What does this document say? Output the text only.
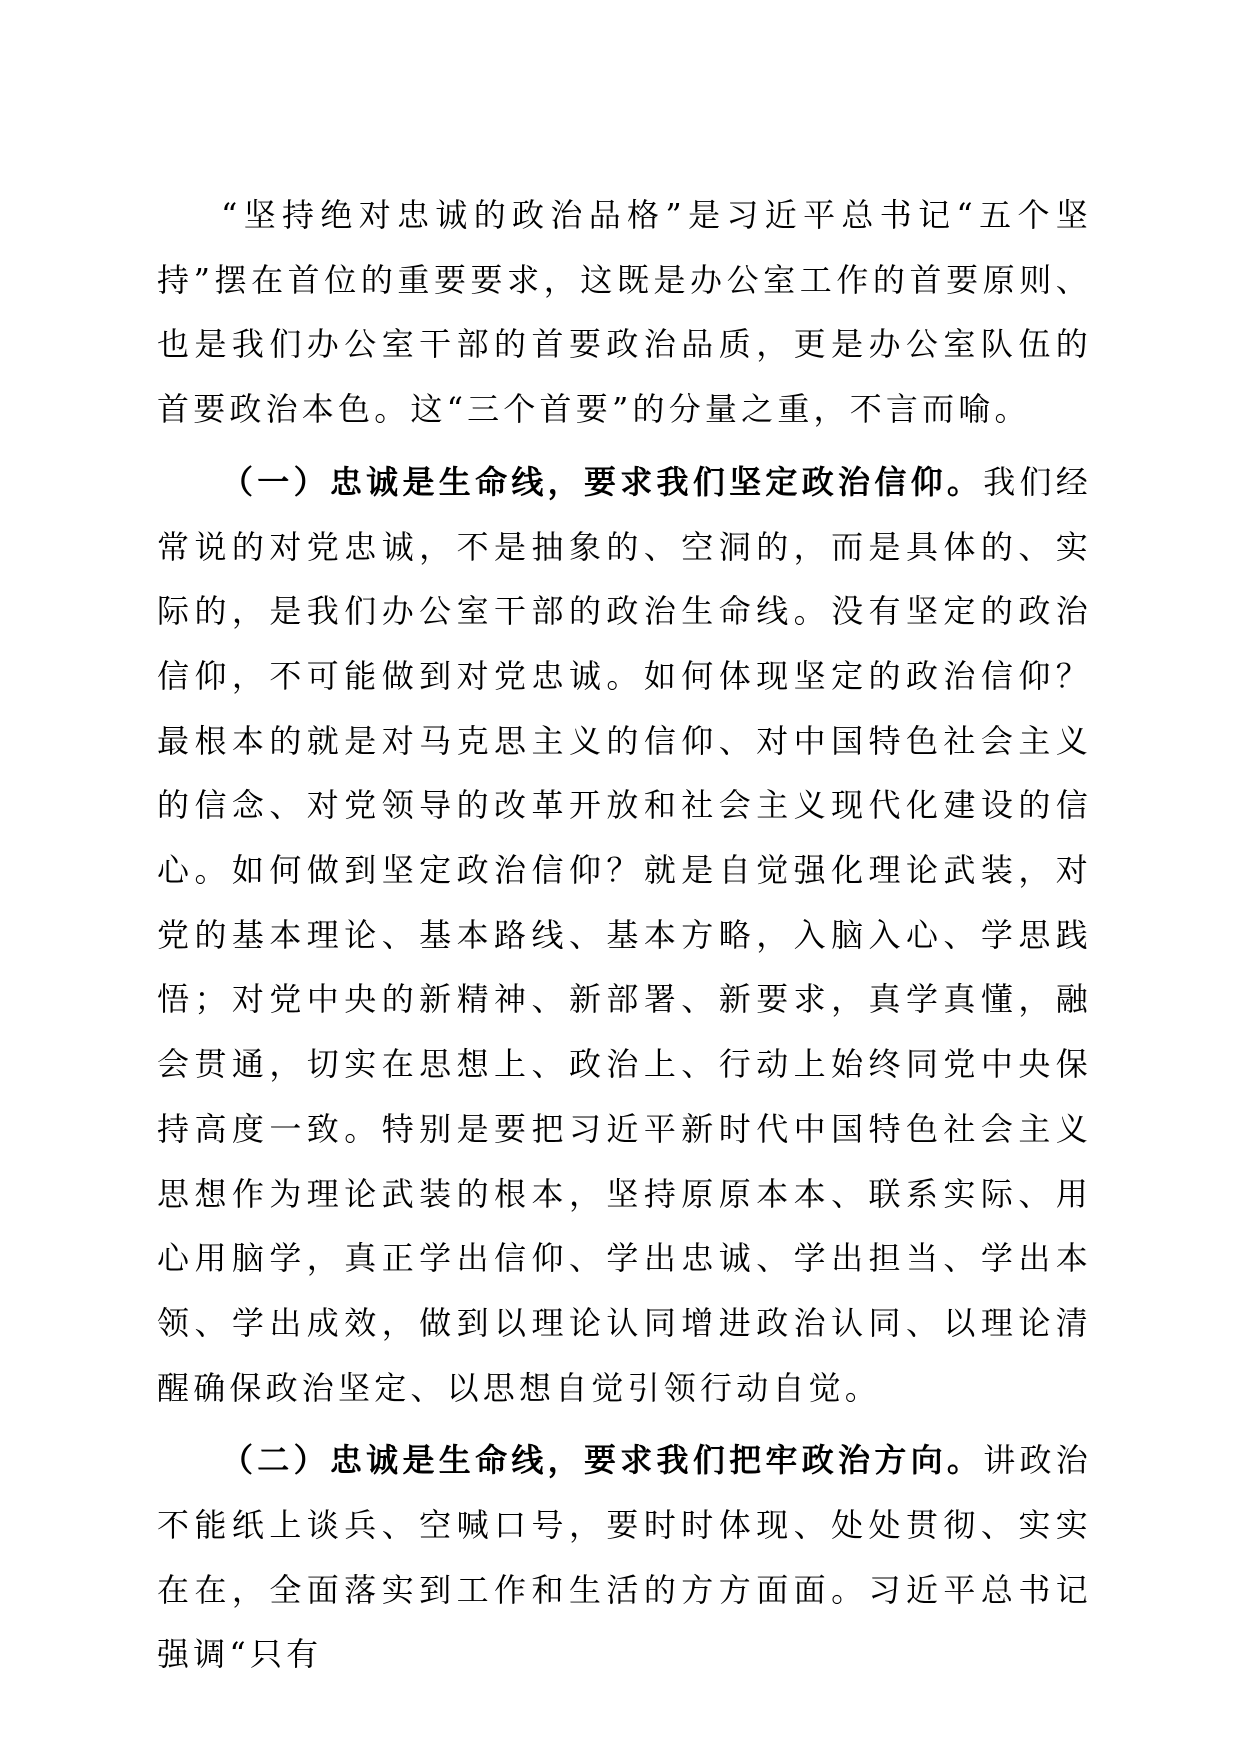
“坚持绝对忠诚的政治品格”是习近平总书记“五个坚持”摆在首位的重要要求，这既是办公室工作的首要原则、也是我们办公室干部的首要政治品质，更是办公室队伍的首要政治本色。这“三个首要”的分量之重，不言而喻。

（一）忠诚是生命线，要求我们坚定政治信仰。我们经常说的对党忠诚，不是抽象的、空洞的，而是具体的、实际的，是我们办公室干部的政治生命线。没有坚定的政治信仰，不可能做到对党忠诚。如何体现坚定的政治信仰？最根本的就是对马克思主义的信仰、对中国特色社会主义的信念、对党领导的改革开放和社会主义现代化建设的信心。如何做到坚定政治信仰？就是自觉强化理论武装，对党的基本理论、基本路线、基本方略，入脑入心、学思践悟；对党中央的新精神、新部署、新要求，真学真懂，融会贯通，切实在思想上、政治上、行动上始终同党中央保持高度一致。特别是要把习近平新时代中国特色社会主义思想作为理论武装的根本，坚持原原本本、联系实际、用心用脑学，真正学出信仰、学出忠诚、学出担当、学出本领、学出成效，做到以理论认同增进政治认同、以理论清醒确保政治坚定、以思想自觉引领行动自觉。

（二）忠诚是生命线，要求我们把牢政治方向。讲政治不能纸上谈兵、空喊口号，要时时体现、处处贯彻、实实在在，全面落实到工作和生活的方方面面。习近平总书记强调“只有
